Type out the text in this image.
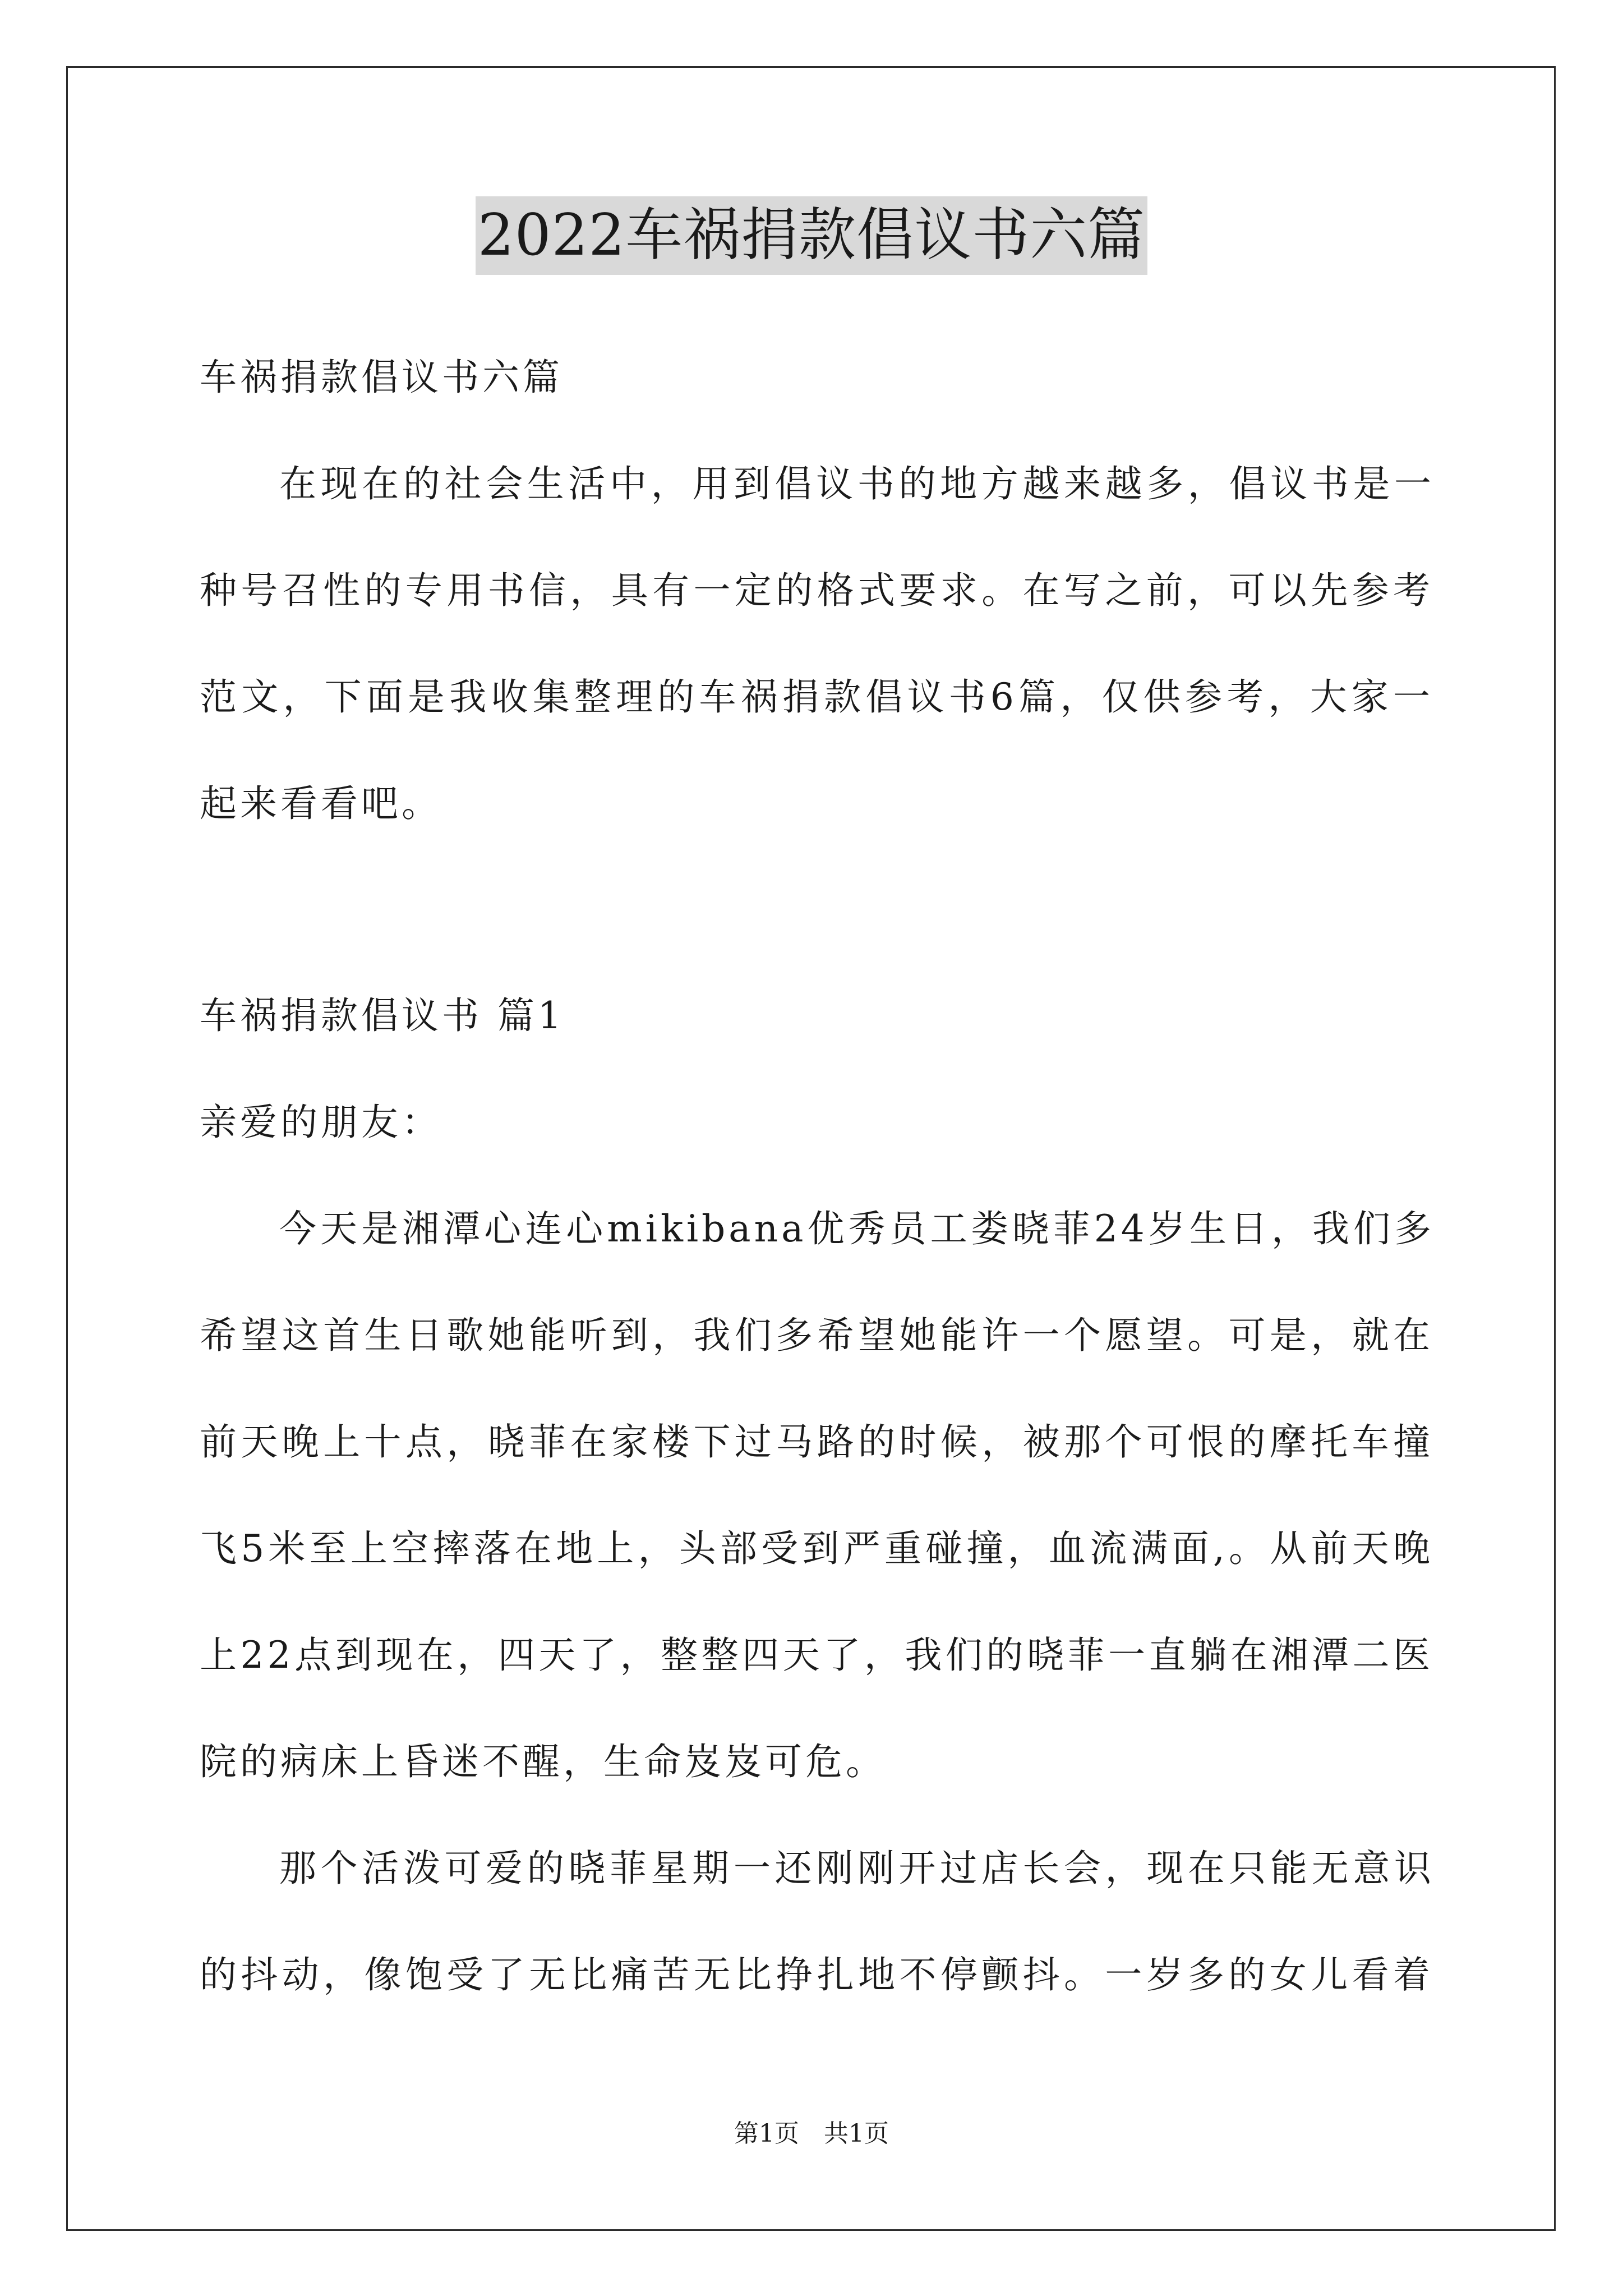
2022车祸捐款倡议书六篇
车祸捐款倡议书六篇
在现在的社会生活中，用到倡议书的地方越来越多，倡议书是一
种号召性的专用书信，具有一定的格式要求。在写之前，可以先参考
范文，下面是我收集整理的车祸捐款倡议书6篇，仅供参考，大家一
起来看看吧。
车祸捐款倡议书 篇1
亲爱的朋友：
今天是湘潭心连心mikibana优秀员工娄晓菲24岁生日，我们多
希望这首生日歌她能听到，我们多希望她能许一个愿望。可是，就在
前天晚上十点，晓菲在家楼下过马路的时候，被那个可恨的摩托车撞
飞5米至上空摔落在地上，头部受到严重碰撞，血流满面,。从前天晚
上22点到现在，四天了，整整四天了，我们的晓菲一直躺在湘潭二医
院的病床上昏迷不醒，生命岌岌可危。
那个活泼可爱的晓菲星期一还刚刚开过店长会，现在只能无意识
的抖动，像饱受了无比痛苦无比挣扎地不停颤抖。一岁多的女儿看着
第1页　共1页
